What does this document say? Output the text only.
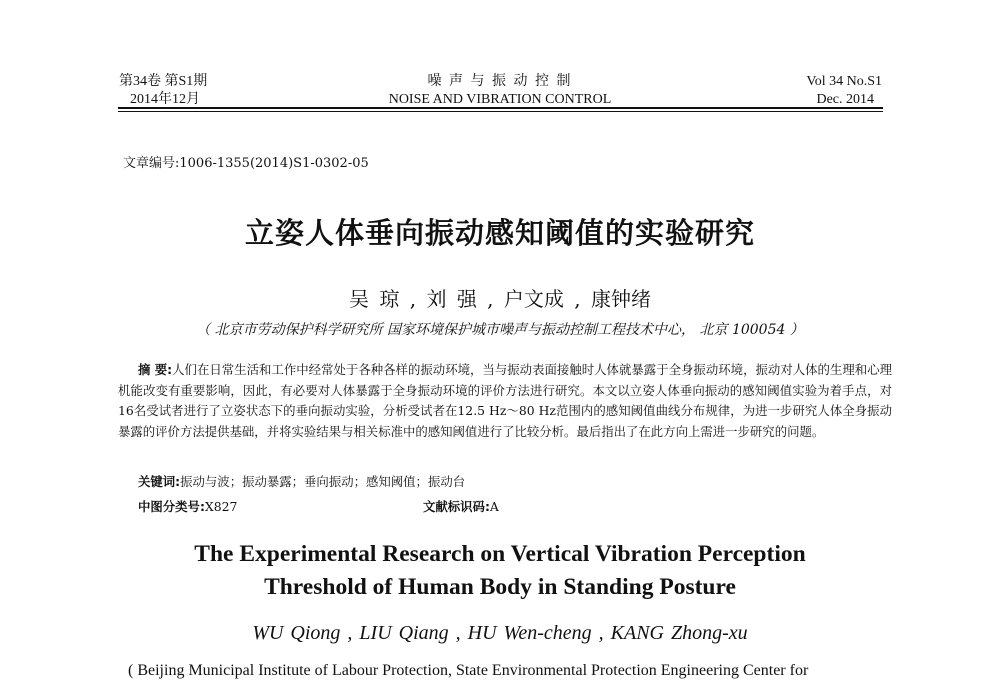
第34卷 第S1期
2014年12月
噪 声 与 振 动 控 制
NOISE AND VIBRATION CONTROL
Vol 34 No.S1
Dec. 2014
文章编号:1006-1355(2014)S1-0302-05
立姿人体垂向振动感知阈值的实验研究
吴 琼 , 刘 强 , 户文成 , 康钟绪
（ 北京市劳动保护科学研究所 国家环境保护城市噪声与振动控制工程技术中心， 北京 100054 ）

摘 要:人们在日常生活和工作中经常处于各种各样的振动环境，当与振动表面接触时人体就暴露于全身振动环境，振动对人体的生理和心理机能改变有重要影响，因此，有必要对人体暴露于全身振动环境的评价方法进行研究。本文以立姿人体垂向振动的感知阈值实验为着手点，对16名受试者进行了立姿状态下的垂向振动实验，分析受试者在12.5 Hz～80 Hz范围内的感知阈值曲线分布规律，为进一步研究人体全身振动暴露的评价方法提供基础，并将实验结果与相关标准中的感知阈值进行了比较分析。最后指出了在此方向上需进一步研究的问题。

关键词:振动与波；振动暴露；垂向振动；感知阈值；振动台
中图分类号:X827	文献标识码:A
The Experimental Research on Vertical Vibration Perception
Threshold of Human Body in Standing Posture
WU Qiong , LIU Qiang , HU Wen-cheng , KANG Zhong-xu
( Beijing Municipal Institute of Labour Protection, State Environmental Protection Engineering Center for
